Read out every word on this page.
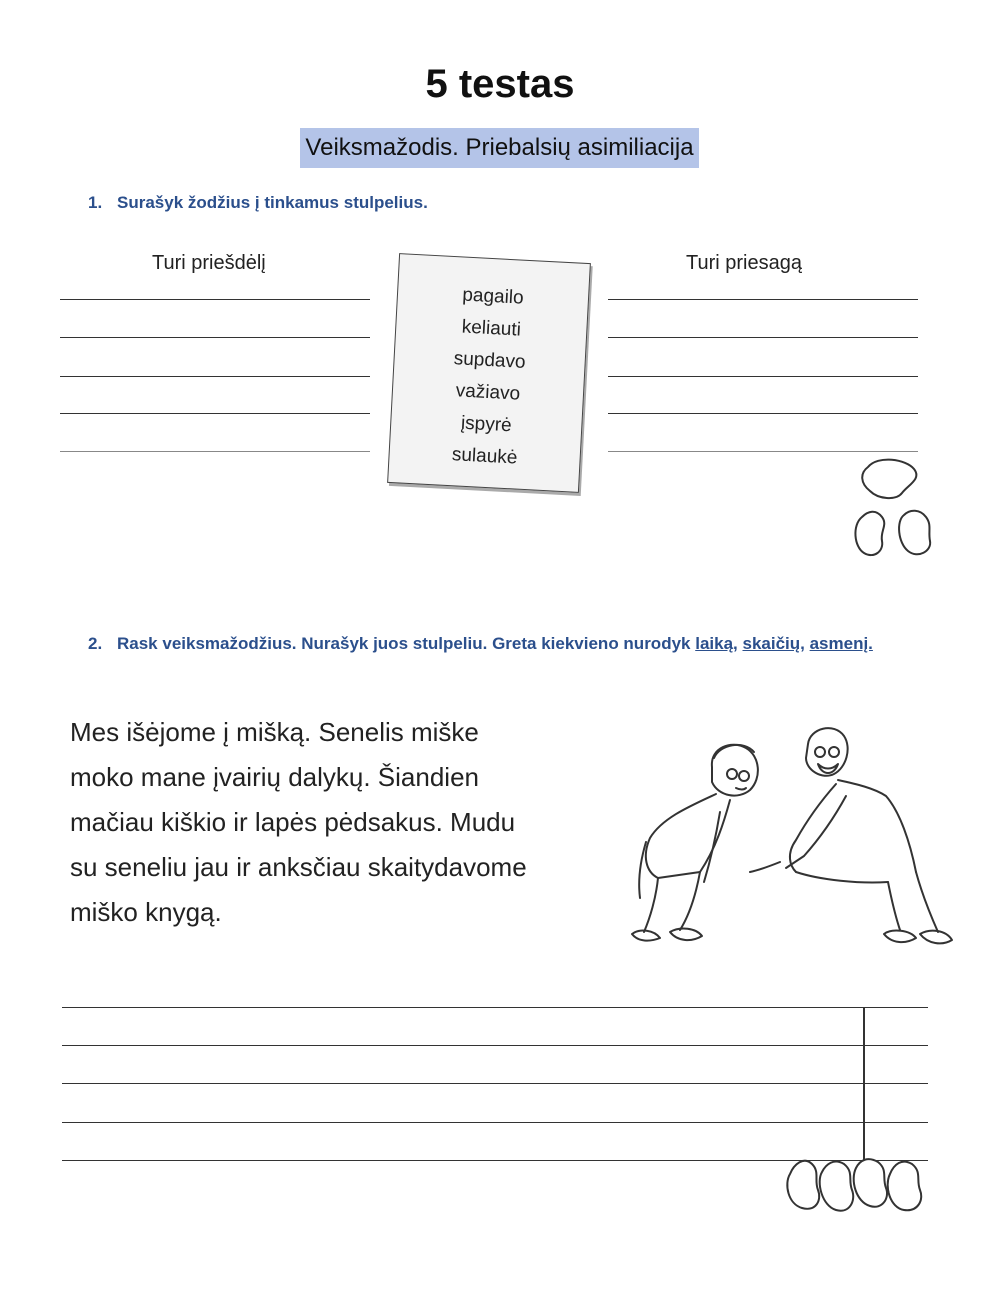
5 testas
Veiksmažodis. Priebalsių asimiliacija
1. Surašyk žodžius į tinkamus stulpelius.
Turi priešdėlį	Turi priesagą
pagailo
keliauti
supdavo
važiavo
įspyrė
sulaukė
2. Rask veiksmažodžius. Nurašyk juos stulpeliu. Greta kiekvieno nurodyk laiką, skaičių, asmenį.
Mes išėjome į mišką. Senelis miške
moko mane įvairių dalykų. Šiandien
mačiau kiškio ir lapės pėdsakus. Mudu
su seneliu jau ir anksčiau skaitydavome
miško knygą.
